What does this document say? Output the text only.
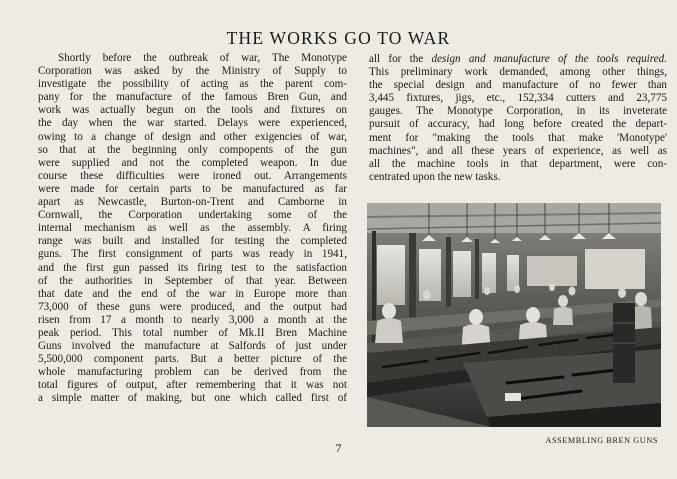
THE WORKS GO TO WAR
Shortly before the outbreak of war, The Monotype
Corporation was asked by the Ministry of Supply to
investigate the possibility of acting as the parent com-
pany for the manufacture of the famous Bren Gun, and
work was actually begun on the tools and fixtures on
the day when the war started. Delays were experienced,
owing to a change of design and other exigencies of war,
so that at the beginning only compopents of the gun
were supplied and not the completed weapon. In due
course these difficulties were ironed out. Arrangements
were made for certain parts to be manufactured as far
apart as Newcastle, Burton-on-Trent and Camborne in
Cornwall, the Corporation undertaking some of the
internal mechanism as well as the assembly. A firing
range was built and installed for testing the completed
guns. The first consignment of parts was ready in 1941,
and the first gun passed its firing test to the satisfaction
of the authorities in September of that year. Between
that date and the end of the war in Europe more than
73,000 of these guns were produced, and the output had
risen from 17 a month to nearly 3,000 a month at the
peak period. This total number of Mk.II Bren Machine
Guns involved the manufacture at Salfords of just under
5,500,000 component parts. But a better picture of the
whole manufacturing problem can be derived from the
total figures of output, after remembering that it was not
a simple matter of making, but one which called first of
all for the design and manufacture of the tools required.
This preliminary work demanded, among other things,
the special design and manufacture of no fewer than
3,445 fixtures, jigs, etc., 152,334 cutters and 23,775
gauges. The Monotype Corporation, in its inveterate
pursuit of accuracy, had long before created the depart-
ment for "making the tools that make 'Monotype'
machines", and all these years of experience, as well as
all the machine tools in that department, were con-
centrated upon the new tasks.
ASSEMBLING BREN GUNS
7
